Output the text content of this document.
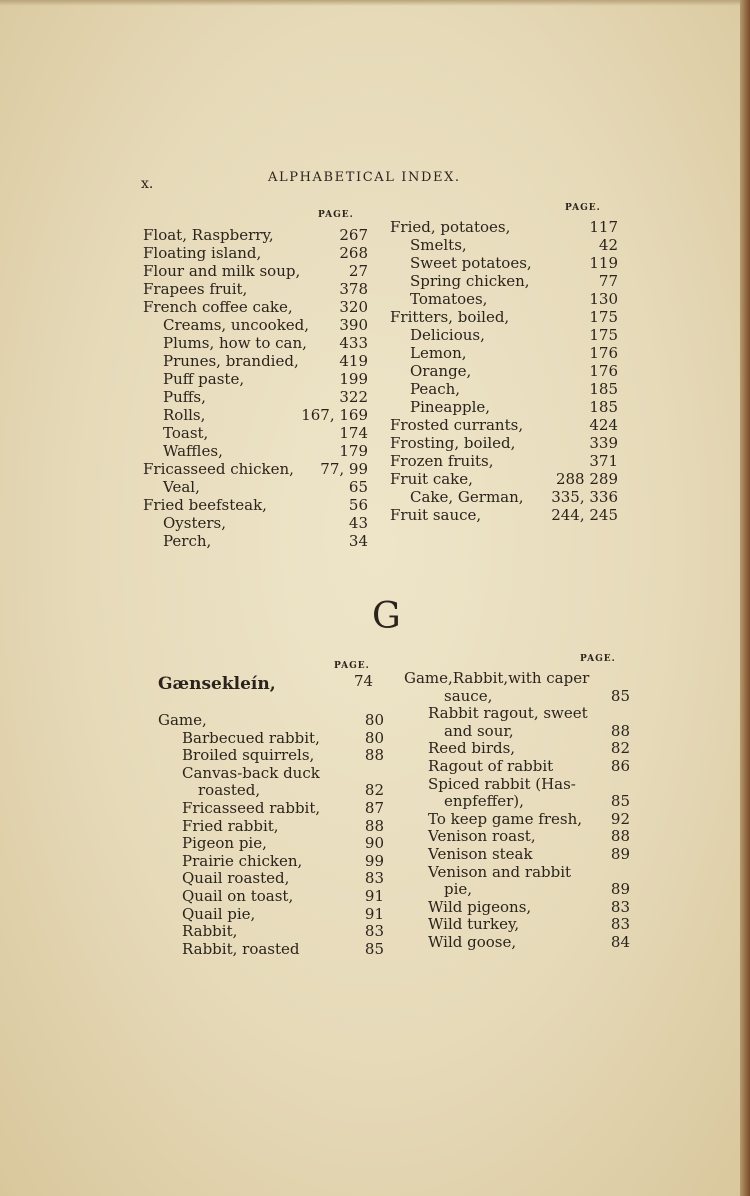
x.	ALPHABETICAL INDEX.
PAGE.
Float, Raspberry,	267
Floating island,	268
Flour and milk soup,	27
Frapees fruit,	378
French coffee cake,	320
Creams, uncooked, 390
Plums, how to can, 433
Prunes, brandied,	419
Puff paste,	199
Puffs,	322
Rolls,	167, 169
Toast,	174
Waffles,	179
Fricasseed chicken, 77, 99
Veal,	65
Fried beefsteak,	56
Oysters,	43
Perch,	34
PAGE.
Fried, potatoes,	117
Smelts,	42
Sweet potatoes,	119
Spring chicken,	77
Tomatoes,	130
Fritters, boiled,	175
Delicious,	175
Lemon,	176
Orange,	176
Peach,	185
Pineapple,	185
Frosted currants,	424
Frosting, boiled,	339
Frozen fruits,	371
Fruit cake,	288 289
Cake, German, 335, 336
Fruit sauce,	244, 245
G
PAGE.
Gænsekleín,	74
Game,	80
Barbecued rabbit,	80
Broiled squirrels,	88
Canvas-back duck
roasted,	82
Fricasseed rabbit,	87
Fried rabbit,	88
Pigeon pie,	90
Prairie chicken,	99
Quail roasted,	83
Quail on toast,	91
Quail pie,	91
Rabbit,	83
Rabbit, roasted	85
PAGE.
Game,Rabbit,with caper
sauce,	85
Rabbit ragout, sweet
and sour,	88
Reed birds,	82
Ragout of rabbit	86
Spiced rabbit (Has-
enpfeffer),	85
To keep game fresh, 92
Venison roast,	88
Venison steak	89
Venison and rabbit
pie,	89
Wild pigeons,	83
Wild turkey,	83
Wild goose,	84
